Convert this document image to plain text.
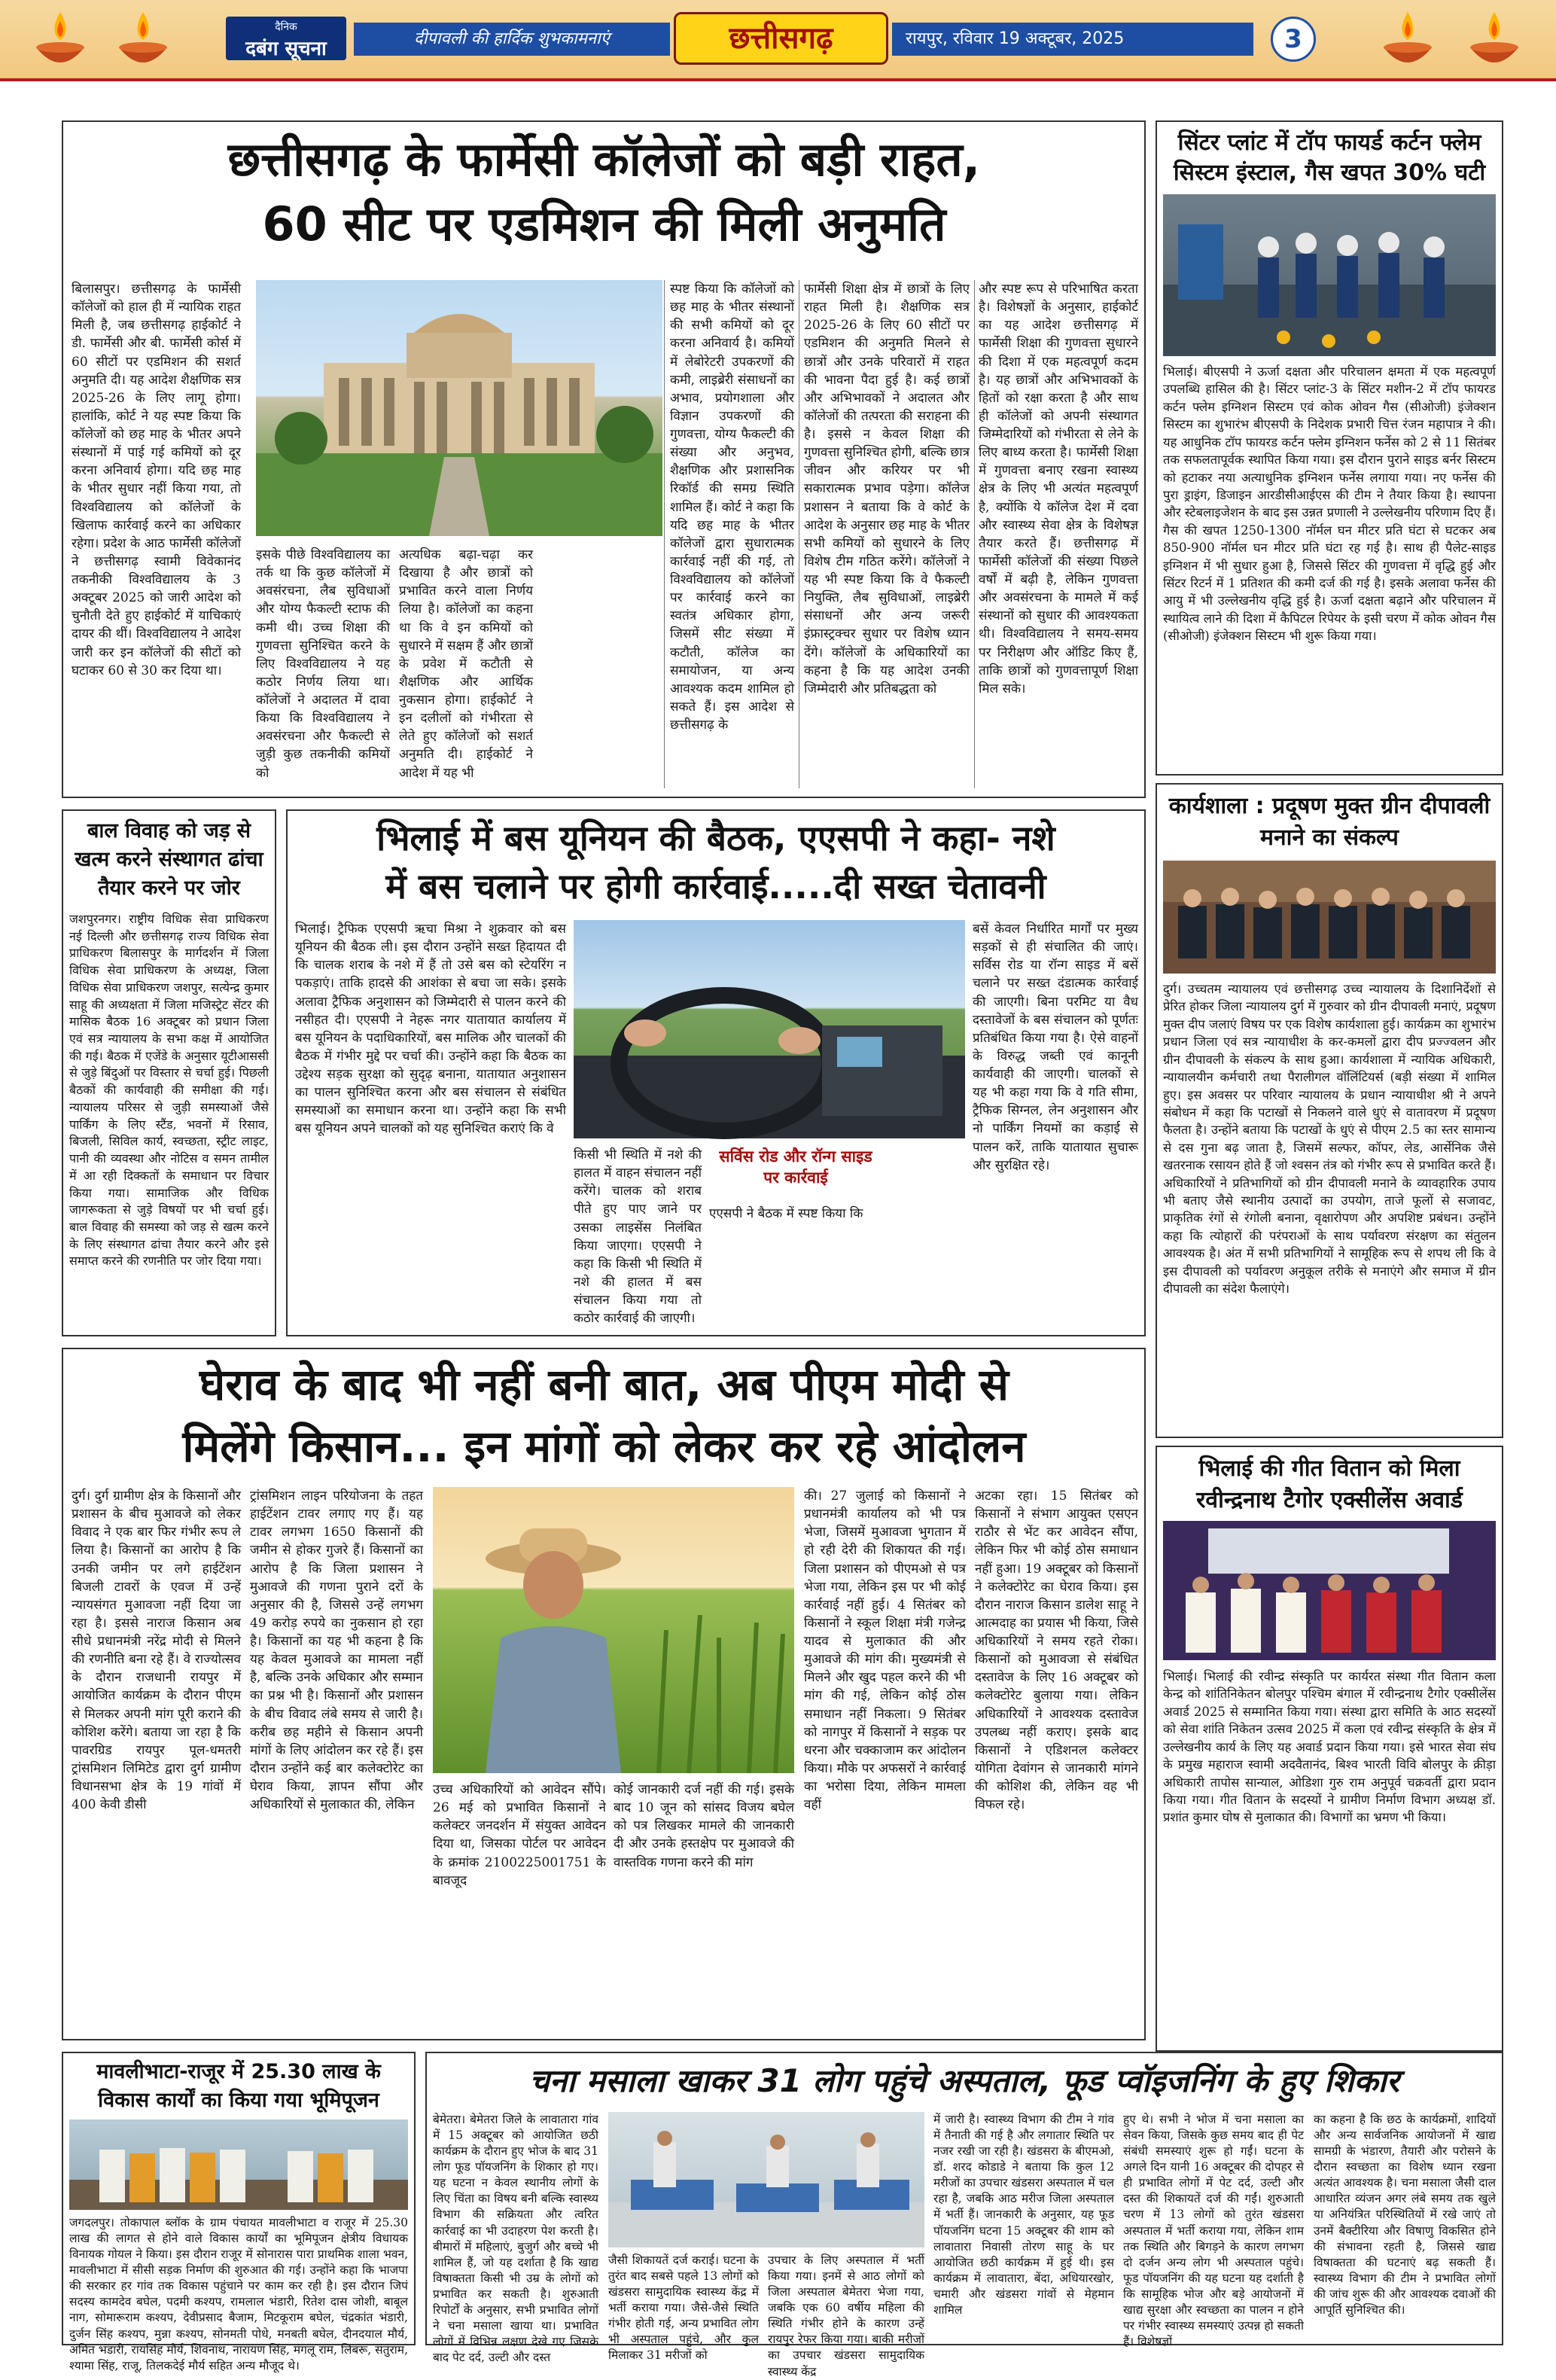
दैनिक
दबंग सूचना	दीपावली की हार्दिक शुभकामनाएं	छत्तीसगढ़	रायपुर, रविवार 19 अक्टूबर, 2025	3
छत्तीसगढ़ के फार्मेसी कॉलेजों को बड़ी राहत,
60 सीट पर एडमिशन की मिली अनुमति
बिलासपुर। छत्तीसगढ़ के फार्मेसी कॉलेजों को हाल ही में न्यायिक राहत मिली है, जब छत्तीसगढ़ हाईकोर्ट ने डी. फार्मेसी और बी. फार्मेसी कोर्स में 60 सीटों पर एडमिशन की सशर्त अनुमति दी। यह आदेश शैक्षणिक सत्र 2025-26 के लिए लागू होगा। हालांकि, कोर्ट ने यह स्पष्ट किया कि कॉलेजों को छह माह के भीतर अपने संस्थानों में पाई गई कमियों को दूर करना अनिवार्य होगा। यदि छह माह के भीतर सुधार नहीं किया गया, तो विश्वविद्यालय को कॉलेजों के खिलाफ कार्रवाई करने का अधिकार रहेगा। प्रदेश के आठ फार्मेसी कॉलेजों ने छत्तीसगढ़ स्वामी विवेकानंद तकनीकी विश्वविद्यालय के 3 अक्टूबर 2025 को जारी आदेश को चुनौती देते हुए हाईकोर्ट में याचिकाएं दायर की थीं। विश्वविद्यालय ने आदेश जारी कर इन कॉलेजों की सीटों को घटाकर 60 से 30 कर दिया था।
इसके पीछे विश्वविद्यालय का तर्क था कि कुछ कॉलेजों में अवसंरचना, लैब सुविधाओं और योग्य फैकल्टी स्टाफ की कमी थी। उच्च शिक्षा की गुणवत्ता सुनिश्चित करने के लिए विश्वविद्यालय ने यह कठोर निर्णय लिया था। कॉलेजों ने अदालत में दावा किया कि विश्वविद्यालय ने अवसंरचना और फैकल्टी से जुड़ी कुछ तकनीकी कमियों को
अत्यधिक बढ़ा-चढ़ा कर दिखाया है और छात्रों को प्रभावित करने वाला निर्णय लिया है। कॉलेजों का कहना था कि वे इन कमियों को सुधारने में सक्षम हैं और छात्रों के प्रवेश में कटौती से शैक्षणिक और आर्थिक नुकसान होगा। हाईकोर्ट ने इन दलीलों को गंभीरता से लेते हुए कॉलेजों को सशर्त अनुमति दी। हाईकोर्ट ने आदेश में यह भी
स्पष्ट किया कि कॉलेजों को छह माह के भीतर संस्थानों की सभी कमियों को दूर करना अनिवार्य है। कमियों में लेबोरेटरी उपकरणों की कमी, लाइब्रेरी संसाधनों का अभाव, प्रयोगशाला और विज्ञान उपकरणों की गुणवत्ता, योग्य फैकल्टी की संख्या और अनुभव, शैक्षणिक और प्रशासनिक रिकॉर्ड की समग्र स्थिति शामिल हैं। कोर्ट ने कहा कि यदि छह माह के भीतर कॉलेजों द्वारा सुधारात्मक कार्रवाई नहीं की गई, तो विश्वविद्यालय को कॉलेजों पर कार्रवाई करने का स्वतंत्र अधिकार होगा, जिसमें सीट संख्या में कटौती, कॉलेज का समायोजन, या अन्य आवश्यक कदम शामिल हो सकते हैं। इस आदेश से छत्तीसगढ़ के
फार्मेसी शिक्षा क्षेत्र में छात्रों के लिए राहत मिली है। शैक्षणिक सत्र 2025-26 के लिए 60 सीटों पर एडमिशन की अनुमति मिलने से छात्रों और उनके परिवारों में राहत की भावना पैदा हुई है। कई छात्रों और अभिभावकों ने अदालत और कॉलेजों की तत्परता की सराहना की है। इससे न केवल शिक्षा की गुणवत्ता सुनिश्चित होगी, बल्कि छात्र जीवन और करियर पर भी सकारात्मक प्रभाव पड़ेगा। कॉलेज प्रशासन ने बताया कि वे कोर्ट के आदेश के अनुसार छह माह के भीतर सभी कमियों को सुधारने के लिए विशेष टीम गठित करेंगे। कॉलेजों ने यह भी स्पष्ट किया कि वे फैकल्टी नियुक्ति, लैब सुविधाओं, लाइब्रेरी संसाधनों और अन्य जरूरी इंफ्रास्ट्रक्चर सुधार पर विशेष ध्यान देंगे। कॉलेजों के अधिकारियों का कहना है कि यह आदेश उनकी जिम्मेदारी और प्रतिबद्धता को
और स्पष्ट रूप से परिभाषित करता है। विशेषज्ञों के अनुसार, हाईकोर्ट का यह आदेश छत्तीसगढ़ में फार्मेसी शिक्षा की गुणवत्ता सुधारने की दिशा में एक महत्वपूर्ण कदम है। यह छात्रों और अभिभावकों के हितों को रक्षा करता है और साथ ही कॉलेजों को अपनी संस्थागत जिम्मेदारियों को गंभीरता से लेने के लिए बाध्य करता है। फार्मेसी शिक्षा में गुणवत्ता बनाए रखना स्वास्थ्य क्षेत्र के लिए भी अत्यंत महत्वपूर्ण है, क्योंकि ये कॉलेज देश में दवा और स्वास्थ्य सेवा क्षेत्र के विशेषज्ञ तैयार करते हैं। छत्तीसगढ़ में फार्मेसी कॉलेजों की संख्या पिछले वर्षों में बढ़ी है, लेकिन गुणवत्ता और अवसंरचना के मामले में कई संस्थानों को सुधार की आवश्यकता थी। विश्वविद्यालय ने समय-समय पर निरीक्षण और ऑडिट किए हैं, ताकि छात्रों को गुणवत्तापूर्ण शिक्षा मिल सके।
सिंटर प्लांट में टॉप फायर्ड कर्टन फ्लेम सिस्टम इंस्टाल, गैस खपत 30% घटी
भिलाई। बीएसपी ने ऊर्जा दक्षता और परिचालन क्षमता में एक महत्वपूर्ण उपलब्धि हासिल की है। सिंटर प्लांट-3 के सिंटर मशीन-2 में टॉप फायरड कर्टन फ्लेम इग्निशन सिस्टम एवं कोक ओवन गैस (सीओजी) इंजेक्शन सिस्टम का शुभारंभ बीएसपी के निदेशक प्रभारी चित्त रंजन महापात्र ने की। यह आधुनिक टॉप फायरड कर्टन फ्लेम इग्निशन फर्नेस को 2 से 11 सितंबर तक सफलतापूर्वक स्थापित किया गया। इस दौरान पुराने साइड बर्नर सिस्टम को हटाकर नया अत्याधुनिक इग्निशन फर्नेस लगाया गया। नए फर्नेस की पुरा ड्राइंग, डिजाइन आरडीसीआईएस की टीम ने तैयार किया है। स्थापना और स्टेबलाइजेशन के बाद इस उन्नत प्रणाली ने उल्लेखनीय परिणाम दिए हैं। गैस की खपत 1250-1300 नॉर्मल घन मीटर प्रति घंटा से घटकर अब 850-900 नॉर्मल घन मीटर प्रति घंटा रह गई है। साथ ही पैलेट-साइड इग्निशन में भी सुधार हुआ है, जिससे सिंटर की गुणवत्ता में वृद्धि हुई और सिंटर रिटर्न में 1 प्रतिशत की कमी दर्ज की गई है। इसके अलावा फर्नेस की आयु में भी उल्लेखनीय वृद्धि हुई है। ऊर्जा दक्षता बढ़ाने और परिचालन में स्थायित्व लाने की दिशा में कैपिटल रिपेयर के इसी चरण में कोक ओवन गैस (सीओजी) इंजेक्शन सिस्टम भी शुरू किया गया।
कार्यशाला : प्रदूषण मुक्त ग्रीन दीपावली मनाने का संकल्प
दुर्ग। उच्चतम न्यायालय एवं छत्तीसगढ़ उच्च न्यायालय के दिशानिर्देशों से प्रेरित होकर जिला न्यायालय दुर्ग में गुरुवार को ग्रीन दीपावली मनाएं, प्रदूषण मुक्त दीप जलाएं विषय पर एक विशेष कार्यशाला हुई। कार्यक्रम का शुभारंभ प्रधान जिला एवं सत्र न्यायाधीश के कर-कमलों द्वारा दीप प्रज्ज्वलन और ग्रीन दीपावली के संकल्प के साथ हुआ। कार्यशाला में न्यायिक अधिकारी, न्यायालयीन कर्मचारी तथा पैरालीगल वॉलिंटियर्स (बड़ी संख्या में शामिल हुए। इस अवसर पर परिवार न्यायालय के प्रधान न्यायाधीश श्री ने अपने संबोधन में कहा कि पटाखों से निकलने वाले धुएं से वातावरण में प्रदूषण फैलता है। उन्होंने बताया कि पटाखों के धुएं से पीएम 2.5 का स्तर सामान्य से दस गुना बढ़ जाता है, जिसमें सल्फर, कॉपर, लेड, आर्सेनिक जैसे खतरनाक रसायन होते हैं जो श्वसन तंत्र को गंभीर रूप से प्रभावित करते हैं। अधिकारियों ने प्रतिभागियों को ग्रीन दीपावली मनाने के व्यावहारिक उपाय भी बताए जैसे स्थानीय उत्पादों का उपयोग, ताजे फूलों से सजावट, प्राकृतिक रंगों से रंगोली बनाना, वृक्षारोपण और अपशिष्ट प्रबंधन। उन्होंने कहा कि त्योहारों की परंपराओं के साथ पर्यावरण संरक्षण का संतुलन आवश्यक है। अंत में सभी प्रतिभागियों ने सामूहिक रूप से शपथ ली कि वे इस दीपावली को पर्यावरण अनुकूल तरीके से मनाएंगे और समाज में ग्रीन दीपावली का संदेश फैलाएंगे।
भिलाई की गीत वितान को मिला रवीन्द्रनाथ टैगोर एक्सीलेंस अवार्ड
भिलाई। भिलाई की रवीन्द्र संस्कृति पर कार्यरत संस्था गीत वितान कला केन्द्र को शांतिनिकेतन बोलपुर पश्चिम बंगाल में रवीन्द्रनाथ टैगोर एक्सीलेंस अवार्ड 2025 से सम्मानित किया गया। संस्था द्वारा समिति के आठ सदस्यों को सेवा शांति निकेतन उत्सव 2025 में कला एवं रवीन्द्र संस्कृति के क्षेत्र में उल्लेखनीय कार्य के लिए यह अवार्ड प्रदान किया गया। इसे भारत सेवा संघ के प्रमुख महाराज स्वामी अदवैतानंद, बिश्व भारती विवि बोलपुर के क्रीड़ा अधिकारी तापोस सान्याल, ओडिशा गुरु राम अनुपूर्व चक्रवर्ती द्वारा प्रदान किया गया। गीत वितान के सदस्यों ने ग्रामीण निर्माण विभाग अध्यक्ष डॉ. प्रशांत कुमार घोष से मुलाकात की। विभागों का भ्रमण भी किया।
बाल विवाह को जड़ से खत्म करने संस्थागत ढांचा तैयार करने पर जोर
जशपुरनगर। राष्ट्रीय विधिक सेवा प्राधिकरण नई दिल्ली और छत्तीसगढ़ राज्य विधिक सेवा प्राधिकरण बिलासपुर के मार्गदर्शन में जिला विधिक सेवा प्राधिकरण के अध्यक्ष, जिला विधिक सेवा प्राधिकरण जशपुर, सत्येन्द्र कुमार साहू की अध्यक्षता में जिला मजिस्ट्रेट सेंटर की मासिक बैठक 16 अक्टूबर को प्रधान जिला एवं सत्र न्यायालय के सभा कक्ष में आयोजित की गई। बैठक में एजेंडे के अनुसार यूटीआससी से जुड़े बिंदुओं पर विस्तार से चर्चा हुई। पिछली बैठकों की कार्यवाही की समीक्षा की गई। न्यायालय परिसर से जुड़ी समस्याओं जैसे पार्किंग के लिए स्टैंड, भवनों में रिसाव, बिजली, सिविल कार्य, स्वच्छता, स्ट्रीट लाइट, पानी की व्यवस्था और नोटिस व समन तामील में आ रही दिक्कतों के समाधान पर विचार किया गया। सामाजिक और विधिक जागरूकता से जुड़े विषयों पर भी चर्चा हुई। बाल विवाह की समस्या को जड़ से खत्म करने के लिए संस्थागत ढांचा तैयार करने और इसे समाप्त करने की रणनीति पर जोर दिया गया।
भिलाई में बस यूनियन की बैठक, एएसपी ने कहा- नशे
में बस चलाने पर होगी कार्रवाई.....दी सख्त चेतावनी
भिलाई। ट्रैफिक एएसपी ऋचा मिश्रा ने शुक्रवार को बस यूनियन की बैठक ली। इस दौरान उन्होंने सख्त हिदायत दी कि चालक शराब के नशे में हैं तो उसे बस को स्टेयरिंग न पकड़ाएं। ताकि हादसे की आशंका से बचा जा सके। इसके अलावा ट्रैफिक अनुशासन को जिम्मेदारी से पालन करने की नसीहत दी। एएसपी ने नेहरू नगर यातायात कार्यालय में बस यूनियन के पदाधिकारियों, बस मालिक और चालकों की बैठक में गंभीर मुद्दे पर चर्चा की। उन्होंने कहा कि बैठक का उद्देश्य सड़क सुरक्षा को सुदृढ़ बनाना, यातायात अनुशासन का पालन सुनिश्चित करना और बस संचालन से संबंधित समस्याओं का समाधान करना था। उन्होंने कहा कि सभी बस यूनियन अपने चालकों को यह सुनिश्चित कराएं कि वे
किसी भी स्थिति में नशे की हालत में वाहन संचालन नहीं करेंगे। चालक को शराब पीते हुए पाए जाने पर उसका लाइसेंस निलंबित किया जाएगा। एएसपी ने कहा कि किसी भी स्थिति में नशे की हालत में बस संचालन किया गया तो कठोर कार्रवाई की जाएगी।
सर्विस रोड और रॉन्ग साइड पर कार्रवाई
एएसपी ने बैठक में स्पष्ट किया कि
बसें केवल निर्धारित मार्गों पर मुख्य सड़कों से ही संचालित की जाएं। सर्विस रोड या रॉन्ग साइड में बसें चलाने पर सख्त दंडात्मक कार्रवाई की जाएगी। बिना परमिट या वैध दस्तावेजों के बस संचालन को पूर्णतः प्रतिबंधित किया गया है। ऐसे वाहनों के विरुद्ध जब्ती एवं कानूनी कार्यवाही की जाएगी। चालकों से यह भी कहा गया कि वे गति सीमा, ट्रैफिक सिग्नल, लेन अनुशासन और नो पार्किंग नियमों का कड़ाई से पालन करें, ताकि यातायात सुचारू और सुरक्षित रहे।
घेराव के बाद भी नहीं बनी बात, अब पीएम मोदी से
मिलेंगे किसान... इन मांगों को लेकर कर रहे आंदोलन
दुर्ग। दुर्ग ग्रामीण क्षेत्र के किसानों और प्रशासन के बीच मुआवजे को लेकर विवाद ने एक बार फिर गंभीर रूप ले लिया है। किसानों का आरोप है कि उनकी जमीन पर लगे हाईटेंशन बिजली टावरों के एवज में उन्हें न्यायसंगत मुआवजा नहीं दिया जा रहा है। इससे नाराज किसान अब सीधे प्रधानमंत्री नरेंद्र मोदी से मिलने की रणनीति बना रहे हैं। वे राज्योत्सव के दौरान राजधानी रायपुर में आयोजित कार्यक्रम के दौरान पीएम से मिलकर अपनी मांग पूरी कराने की कोशिश करेंगे। बताया जा रहा है कि पावरग्रिड रायपुर पूल-धमतरी ट्रांसमिशन लिमिटेड द्वारा दुर्ग ग्रामीण विधानसभा क्षेत्र के 19 गांवों में 400 केवी डीसी
ट्रांसमिशन लाइन परियोजना के तहत हाईटेंशन टावर लगाए गए हैं। यह टावर लगभग 1650 किसानों की जमीन से होकर गुजरे हैं। किसानों का आरोप है कि जिला प्रशासन ने मुआवजे की गणना पुराने दरों के अनुसार की है, जिससे उन्हें लगभग 49 करोड़ रुपये का नुकसान हो रहा है। किसानों का यह भी कहना है कि यह केवल मुआवजे का मामला नहीं है, बल्कि उनके अधिकार और सम्मान का प्रश्न भी है। किसानों और प्रशासन के बीच विवाद लंबे समय से जारी है। करीब छह महीने से किसान अपनी मांगों के लिए आंदोलन कर रहे हैं। इस दौरान उन्होंने कई बार कलेक्टोरेट का घेराव किया, ज्ञापन सौंपा और अधिकारियों से मुलाकात की, लेकिन
उच्च अधिकारियों को आवेदन सौंपे। 26 मई को प्रभावित किसानों ने कलेक्टर जनदर्शन में संयुक्त आवेदन दिया था, जिसका पोर्टल पर आवेदन के क्रमांक 2100225001751 के बावजूद
कोई जानकारी दर्ज नहीं की गई। इसके बाद 10 जून को सांसद विजय बघेल को पत्र लिखकर मामले की जानकारी दी और उनके हस्तक्षेप पर मुआवजे की वास्तविक गणना करने की मांग
की। 27 जुलाई को किसानों ने प्रधानमंत्री कार्यालय को भी पत्र भेजा, जिसमें मुआवजा भुगतान में हो रही देरी की शिकायत की गई। जिला प्रशासन को पीएमओ से पत्र भेजा गया, लेकिन इस पर भी कोई कार्रवाई नहीं हुई। 4 सितंबर को किसानों ने स्कूल शिक्षा मंत्री गजेन्द्र यादव से मुलाकात की और मुआवजे की मांग की। मुख्यमंत्री से मिलने और खुद पहल करने की भी मांग की गई, लेकिन कोई ठोस समाधान नहीं निकला। 9 सितंबर को नागपुर में किसानों ने सड़क पर धरना और चक्काजाम कर आंदोलन किया। मौके पर अफसरों ने कार्रवाई का भरोसा दिया, लेकिन मामला वहीं
अटका रहा। 15 सितंबर को किसानों ने संभाग आयुक्त एसएन राठौर से भेंट कर आवेदन सौंपा, लेकिन फिर भी कोई ठोस समाधान नहीं हुआ। 19 अक्टूबर को किसानों ने कलेक्टोरेट का घेराव किया। इस दौरान नाराज किसान डालेश साहू ने आत्मदाह का प्रयास भी किया, जिसे अधिकारियों ने समय रहते रोका। किसानों को मुआवजा से संबंधित दस्तावेज के लिए 16 अक्टूबर को कलेक्टोरेट बुलाया गया। लेकिन अधिकारियों ने आवश्यक दस्तावेज उपलब्ध नहीं कराए। इसके बाद किसानों ने एडिशनल कलेक्टर योगिता देवांगन से जानकारी मांगने की कोशिश की, लेकिन वह भी विफल रहे।
मावलीभाटा-राजूर में 25.30 लाख के विकास कार्यों का किया गया भूमिपूजन
जगदलपुर। तोकापाल ब्लॉक के ग्राम पंचायत मावलीभाटा व राजूर में 25.30 लाख की लागत से होने वाले विकास कार्यों का भूमिपूजन क्षेत्रीय विधायक विनायक गोयल ने किया। इस दौरान राजूर में सोनारास पारा प्राथमिक शाला भवन, मावलीभाटा में सीसी सड़क निर्माण की शुरुआत की गई। उन्होंने कहा कि भाजपा की सरकार हर गांव तक विकास पहुंचाने पर काम कर रही है। इस दौरान जिपं सदस्य कामदेव बघेल, पदमी कश्यप, रामलाल भंडारी, रितेश दास जोशी, बाबूल नाग, सोमारूराम कश्यप, देवीप्रसाद बैजाम, मिटकूराम बघेल, चंद्रकांत भंडारी, दुर्जन सिंह कश्यप, मुन्ना कश्यप, सोनमती पोधे, मनबती बघेल, दीनदयाल मौर्य, अमित भंडारी, रायसिंह मौर्य, शिवनाथ, नारायण सिंह, मंगलू राम, लिबरू, संतुराम, श्यामा सिंह, राजू, तिलकदेई मौर्य सहित अन्य मौजूद थे।
चना मसाला खाकर 31 लोग पहुंचे अस्पताल, फूड प्वॉइजनिंग के हुए शिकार
बेमेतरा। बेमेतरा जिले के लावातारा गांव में 15 अक्टूबर को आयोजित छठी कार्यक्रम के दौरान हुए भोज के बाद 31 लोग फूड पॉयजनिंग के शिकार हो गए। यह घटना न केवल स्थानीय लोगों के लिए चिंता का विषय बनी बल्कि स्वास्थ्य विभाग की सक्रियता और त्वरित कार्रवाई का भी उदाहरण पेश करती है। बीमारों में महिलाएं, बुजुर्ग और बच्चे भी शामिल हैं, जो यह दर्शाता है कि खाद्य विषाक्तता किसी भी उम्र के लोगों को प्रभावित कर सकती है। शुरुआती रिपोर्टों के अनुसार, सभी प्रभावित लोगों ने चना मसाला खाया था। प्रभावित लोगों में विभिन्न लक्षण देखे गए जिसके बाद पेट दर्द, उल्टी और दस्त
जैसी शिकायतें दर्ज कराई। घटना के तुरंत बाद सबसे पहले 13 लोगों को खंडसरा सामुदायिक स्वास्थ्य केंद्र में भर्ती कराया गया। जैसे-जैसे स्थिति गंभीर होती गई, अन्य प्रभावित लोग भी अस्पताल पहुंचे, और कुल मिलाकर 31 मरीजों को
उपचार के लिए अस्पताल में भर्ती किया गया। इनमें से आठ लोगों को जिला अस्पताल बेमेतरा भेजा गया, जबकि एक 60 वर्षीय महिला की स्थिति गंभीर होने के कारण उन्हें रायपुर रेफर किया गया। बाकी मरीजों का उपचार खंडसरा सामुदायिक स्वास्थ्य केंद्र
में जारी है। स्वास्थ्य विभाग की टीम ने गांव में तैनाती की गई है और लगातार स्थिति पर नजर रखी जा रही है। खंडसरा के बीएमओ, डॉ. शरद कोडाडे ने बताया कि कुल 12 मरीजों का उपचार खंडसरा अस्पताल में चल रहा है, जबकि आठ मरीज जिला अस्पताल में भर्ती हैं। जानकारी के अनुसार, यह फूड पॉयजनिंग घटना 15 अक्टूबर की शाम को लावातारा निवासी तोरण साहू के घर आयोजित छठी कार्यक्रम में हुई थी। इस कार्यक्रम में लावातारा, बेंदा, अधियारखोर, चमारी और खंडसरा गांवों से मेहमान शामिल
हुए थे। सभी ने भोज में चना मसाला का सेवन किया, जिसके कुछ समय बाद ही पेट संबंधी समस्याएं शुरू हो गईं। घटना के अगले दिन यानी 16 अक्टूबर की दोपहर से ही प्रभावित लोगों में पेट दर्द, उल्टी और दस्त की शिकायतें दर्ज की गईं। शुरुआती चरण में 13 लोगों को तुरंत खंडसरा अस्पताल में भर्ती कराया गया, लेकिन शाम तक स्थिति और बिगड़ने के कारण लगभग दो दर्जन अन्य लोग भी अस्पताल पहुंचे। फूड पॉयजनिंग की यह घटना यह दर्शाती है कि सामूहिक भोज और बड़े आयोजनों में खाद्य सुरक्षा और स्वच्छता का पालन न होने पर गंभीर स्वास्थ्य समस्याएं उत्पन्न हो सकती हैं। विशेषज्ञों
का कहना है कि छठ के कार्यक्रमों, शादियों और अन्य सार्वजनिक आयोजनों में खाद्य सामग्री के भंडारण, तैयारी और परोसने के दौरान स्वच्छता का विशेष ध्यान रखना अत्यंत आवश्यक है। चना मसाला जैसी दाल आधारित व्यंजन अगर लंबे समय तक खुले या अनियंत्रित परिस्थितियों में रखे जाएं तो उनमें बैक्टीरिया और विषाणु विकसित होने की संभावना रहती है, जिससे खाद्य विषाक्तता की घटनाएं बढ़ सकती हैं। स्वास्थ्य विभाग की टीम ने प्रभावित लोगों की जांच शुरू की और आवश्यक दवाओं की आपूर्ति सुनिश्चित की।
